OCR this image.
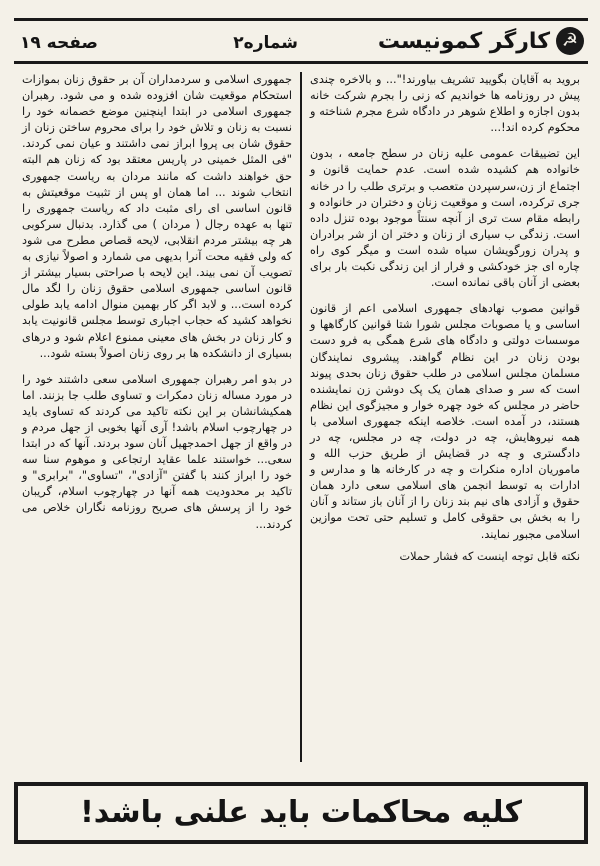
☭
کارگر کمونیست
شماره۲
صفحه ۱۹

برويد به آقايان بگوييد تشريف بياورند!"... و بالاخره چندی پيش در روزنامه ها خوانديم كه زنی را بجرم شركت خانه بدون اجازه و اطلاع شوهر در دادگاه شرع مجرم شناخته و محكوم كرده اند!...

اين تضييقات عمومی عليه زنان در سطح جامعه ، بدون خانواده هم كشيده شده است. عدم حمايت قانون و اجتماع از زن،سرسپردن متعصب و برتری طلب را در خانه جری تركرده، است و موقعيت زنان و دختران در خانواده و رابطه مقام ست تری از آنچه سنتاً موجود بوده تنزل داده است. زندگی ب سياری از زنان و دختر ان از شر برادران و پدران زورگويشان سياه شده است و ميگر كوی راه چاره ای جز خودكشی و فرار از اين زندگی نكبت بار برای بعضی از آنان باقی نمانده است.

قوانين مصوب نهادهای جمهوری اسلامی اعم از قانون اساسی و يا مصوبات مجلس شورا شتا قوانين كارگاهها و موسسات دولتی و دادگاه های شرع همگی به فرو دست بودن زنان در اين نظام گواهند. پيشروی نمايندگان مسلمان مجلس اسلامی در طلب حقوق زنان بحدی پيوند است كه سر و صدای همان يک پک دوشن زن نمايشنده حاضر در مجلس كه خود چهره خوار و مجيزگوی اين نظام هستند، در آمده است. خلاصه اينكه جمهوری اسلامی با همه نيروهايش، چه در دولت، چه در مجلس، چه در دادگستری و چه در قضايش از طريق حزب الله و ماموريان اداره منكرات و چه در كارخانه ها و مدارس و ادارات به توسط انجمن های اسلامی سعی دارد همان حقوق و آزادی های نيم بند زنان را از آنان باز ستاند و آنان را به بخش بی حقوقی كامل و تسليم حتی تحت موازين اسلامی مجبور نمايند.

نكته قابل توجه اينست كه فشار حملات

جمهوری اسلامی و سردمداران آن بر حقوق زنان بموازات استحكام موقعيت شان افزوده شده و می شود. رهبران جمهوری اسلامی در ابتدا اينچنين موضع خصمانه خود را نسبت به زنان و تلاش خود را برای محروم ساختن زنان از حقوق شان بی پروا ابراز نمی داشتند و عيان نمی كردند. "فی المثل خمينی در پاريس معتقد بود كه زنان هم البته حق خواهند داشت كه مانند مردان به رياست جمهوری انتخاب شوند ... اما همان او پس از تثبيت موقعيتش به قانون اساسی ای رای مثبت داد كه رياست جمهوری را تنها به عهده رجال ( مردان ) می گذارد. بدنبال سركوبی هر چه بيشتر مردم انقلابی، لايحه قصاص مطرح می شود كه ولی فقيه محت آنرا بديهی می شمارد و اصولاً نيازی به تصويب آن نمی بيند. اين لايحه با صراحتی بسيار بيشتر از قانون اساسی جمهوری اسلامی حقوق زنان را لگد مال كرده است... و لابد اگر كار بهمين منوال ادامه يابد طولی نخواهد كشيد كه حجاب اجباری توسط مجلس قانونيت يابد و كار زنان در بخش های معينی ممنوع اعلام شود و درهای بسياری از دانشكده ها بر روی زنان اصولاً بسته شود...

در بدو امر رهبران جمهوری اسلامی سعی داشتند خود را در مورد مساله زنان دمكرات و تساوی طلب جا بزنند. اما همكيشانشان بر اين نكته تاكيد می كردند كه تساوی بايد در چهارچوب اسلام باشد! آری آنها بخوبی از جهل مردم و در واقع از جهل احمدجهيل آنان سود بردند. آنها كه در ابتدا سعی... خواستند علما عقايد ارتجاعی و موهوم سنا سه خود را ابراز كنند با گفتن "آزادی"، "تساوی"، "برابری" و تاكيد بر محدوديت همه آنها در چهارچوب اسلام، گريبان خود را از پرسش های صريح روزنامه نگاران خلاص می كردند...

كليه محاكمات بايد علنی باشد!
